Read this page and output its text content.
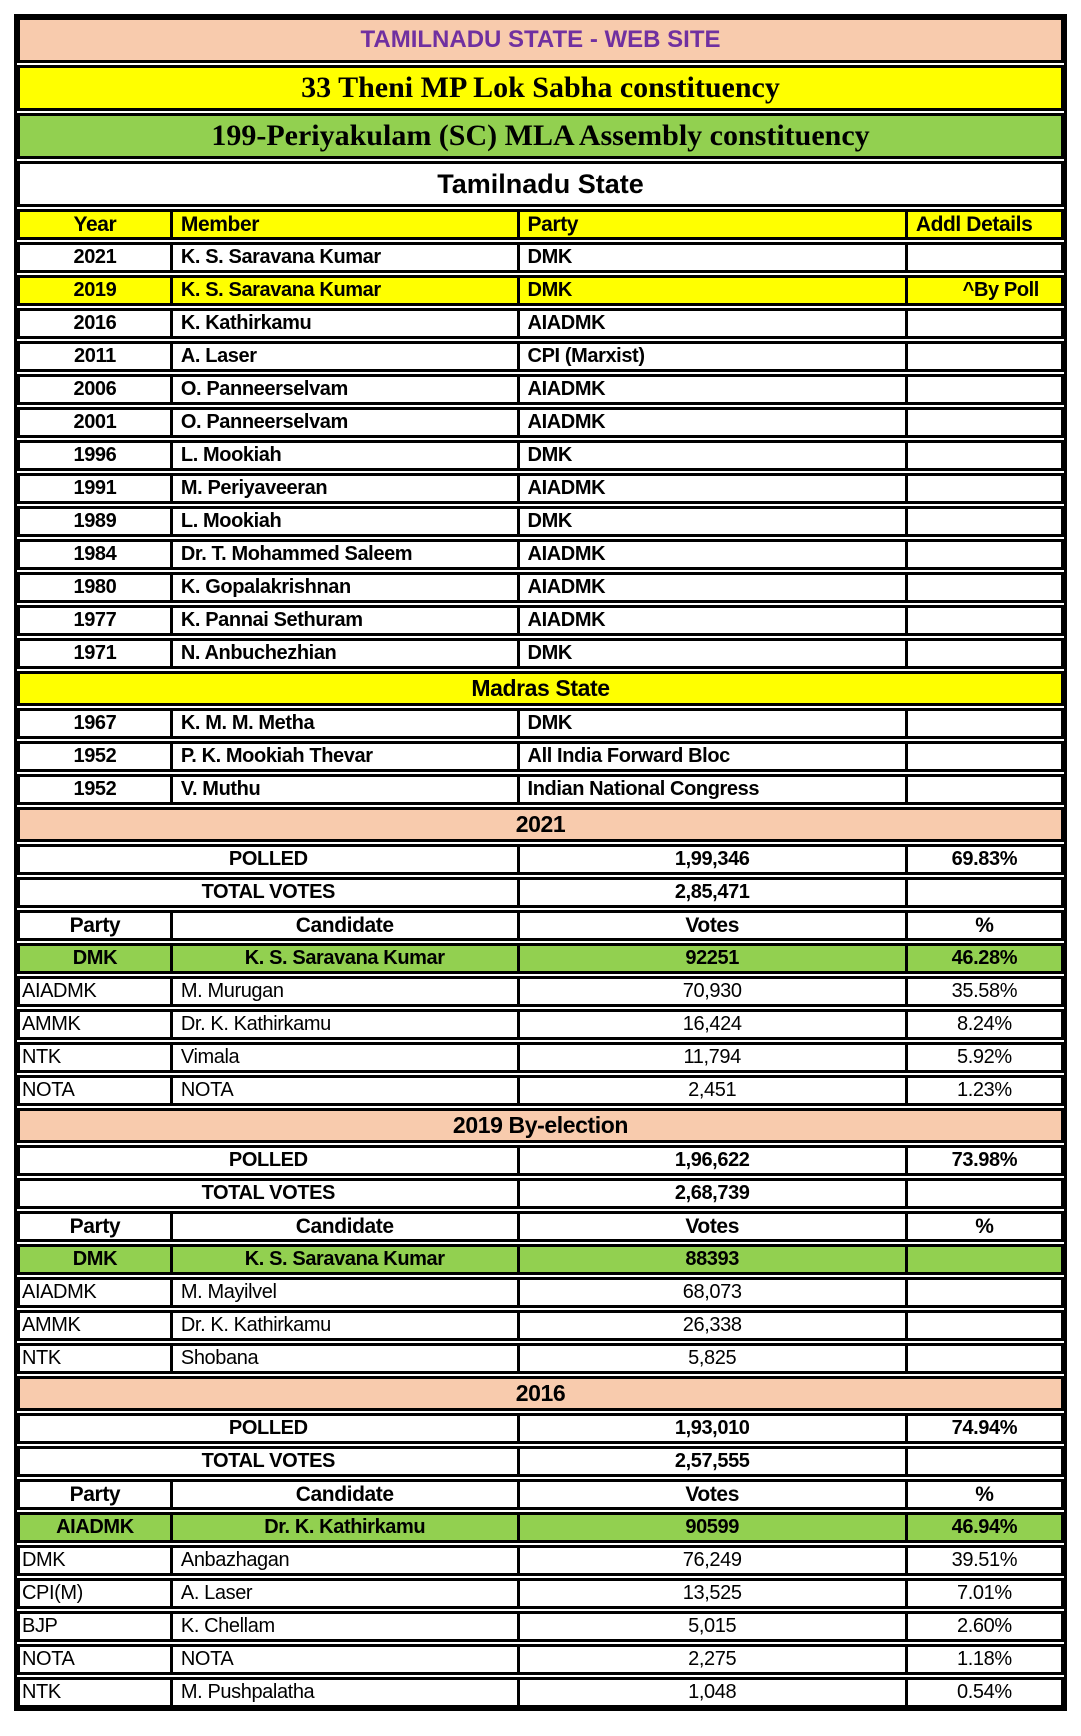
TAMILNADU STATE - WEB SITE
33 Theni MP Lok Sabha constituency
199-Periyakulam (SC) MLA Assembly constituency
Tamilnadu State
Year	Member	Party	Addl Details
2021	K. S. Saravana Kumar	DMK
2019	K. S. Saravana Kumar	DMK	^By Poll
2016	K. Kathirkamu	AIADMK
2011	A. Laser	CPI (Marxist)
2006	O. Panneerselvam	AIADMK
2001	O. Panneerselvam	AIADMK
1996	L. Mookiah	DMK
1991	M. Periyaveeran	AIADMK
1989	L. Mookiah	DMK
1984	Dr. T. Mohammed Saleem	AIADMK
1980	K. Gopalakrishnan	AIADMK
1977	K. Pannai Sethuram	AIADMK
1971	N. Anbuchezhian	DMK
Madras State
1967	K. M. M. Metha	DMK
1952	P. K. Mookiah Thevar	All India Forward Bloc
1952	V. Muthu	Indian National Congress
2021
POLLED	1,99,346	69.83%
TOTAL VOTES	2,85,471
Party	Candidate	Votes	%
DMK	K. S. Saravana Kumar	92251	46.28%
AIADMK	M. Murugan	70,930	35.58%
AMMK	Dr. K. Kathirkamu	16,424	8.24%
NTK	Vimala	11,794	5.92%
NOTA	NOTA	2,451	1.23%
2019 By-election
POLLED	1,96,622	73.98%
TOTAL VOTES	2,68,739
Party	Candidate	Votes	%
DMK	K. S. Saravana Kumar	88393
AIADMK	M. Mayilvel	68,073
AMMK	Dr. K. Kathirkamu	26,338
NTK	Shobana	5,825
2016
POLLED	1,93,010	74.94%
TOTAL VOTES	2,57,555
Party	Candidate	Votes	%
AIADMK	Dr. K. Kathirkamu	90599	46.94%
DMK	Anbazhagan	76,249	39.51%
CPI(M)	A. Laser	13,525	7.01%
BJP	K. Chellam	5,015	2.60%
NOTA	NOTA	2,275	1.18%
NTK	M. Pushpalatha	1,048	0.54%
